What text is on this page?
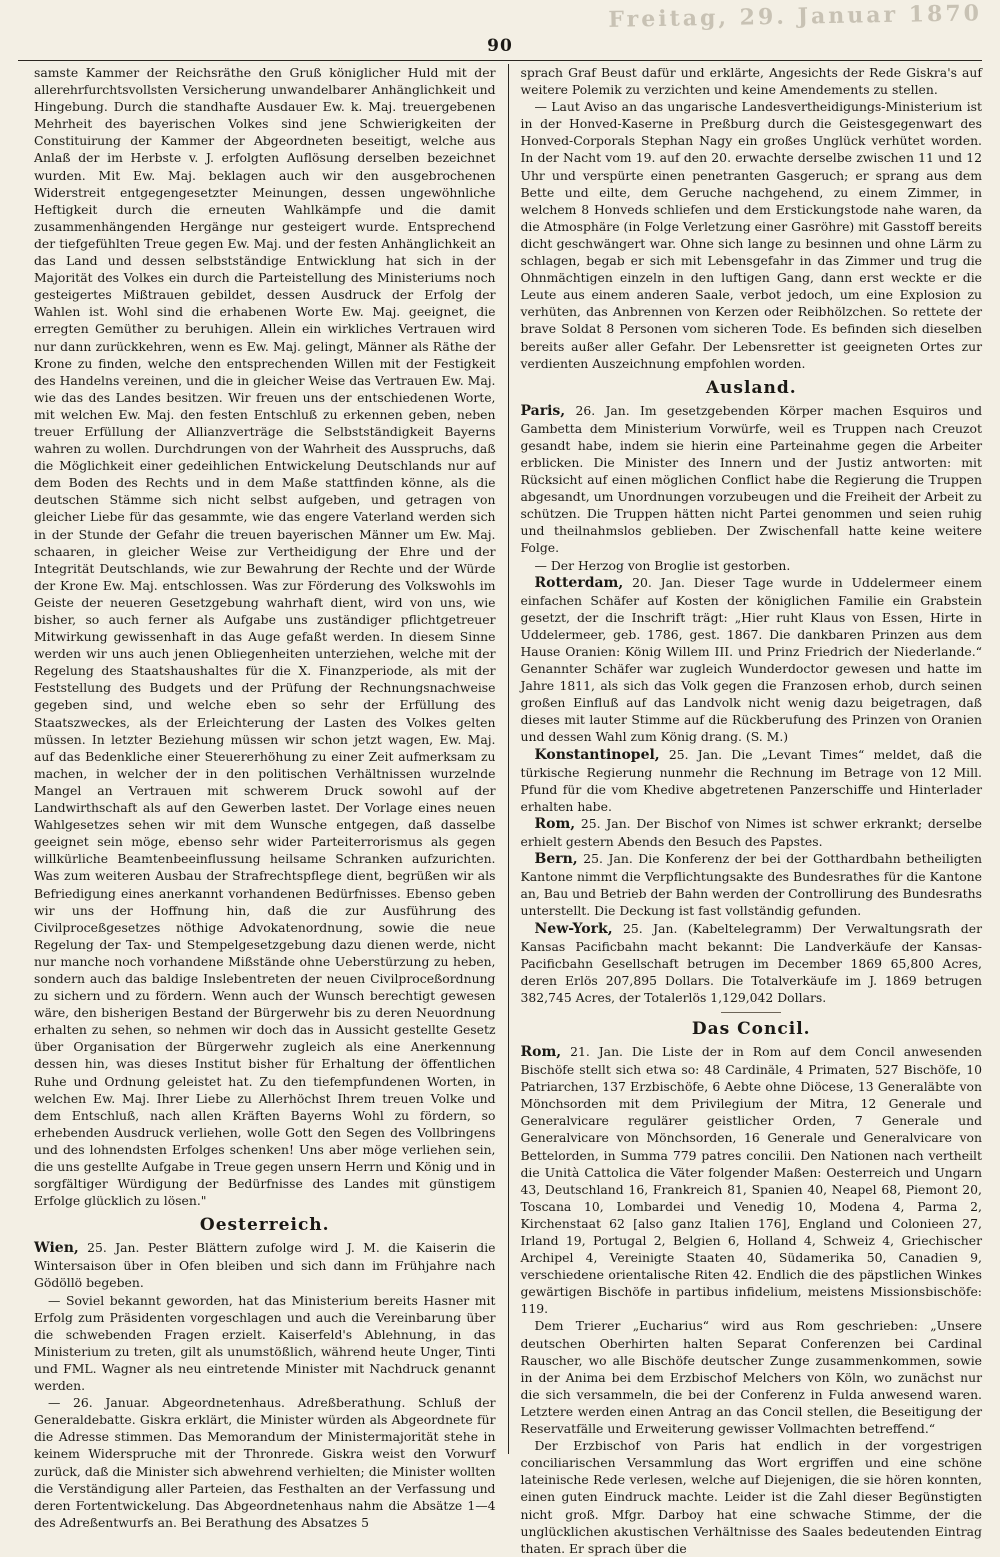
Freitag, 29. Januar 1870
90

samste Kammer der Reichsräthe den Gruß königlicher Huld mit der allerehrfurchtsvollsten Versicherung unwandelbarer Anhänglichkeit und Hingebung. Durch die standhafte Ausdauer Ew. k. Maj. treuergebenen Mehrheit des bayerischen Volkes sind jene Schwierigkeiten der Constituirung der Kammer der Abgeordneten beseitigt, welche aus Anlaß der im Herbste v. J. erfolgten Auflösung derselben bezeichnet wurden. Mit Ew. Maj. beklagen auch wir den ausgebrochenen Widerstreit entgegengesetzter Meinungen, dessen ungewöhnliche Heftigkeit durch die erneuten Wahlkämpfe und die damit zusammenhängenden Hergänge nur gesteigert wurde. Entsprechend der tiefgefühlten Treue gegen Ew. Maj. und der festen Anhänglichkeit an das Land und dessen selbstständige Entwicklung hat sich in der Majorität des Volkes ein durch die Parteistellung des Ministeriums noch gesteigertes Mißtrauen gebildet, dessen Ausdruck der Erfolg der Wahlen ist. Wohl sind die erhabenen Worte Ew. Maj. geeignet, die erregten Gemüther zu beruhigen. Allein ein wirkliches Vertrauen wird nur dann zurückkehren, wenn es Ew. Maj. gelingt, Männer als Räthe der Krone zu finden, welche den entsprechenden Willen mit der Festigkeit des Handelns vereinen, und die in gleicher Weise das Vertrauen Ew. Maj. wie das des Landes besitzen. Wir freuen uns der entschiedenen Worte, mit welchen Ew. Maj. den festen Entschluß zu erkennen geben, neben treuer Erfüllung der Allianzverträge die Selbstständigkeit Bayerns wahren zu wollen. Durchdrungen von der Wahrheit des Ausspruchs, daß die Möglichkeit einer gedeihlichen Entwickelung Deutschlands nur auf dem Boden des Rechts und in dem Maße stattfinden könne, als die deutschen Stämme sich nicht selbst aufgeben, und getragen von gleicher Liebe für das gesammte, wie das engere Vaterland werden sich in der Stunde der Gefahr die treuen bayerischen Männer um Ew. Maj. schaaren, in gleicher Weise zur Vertheidigung der Ehre und der Integrität Deutschlands, wie zur Bewahrung der Rechte und der Würde der Krone Ew. Maj. entschlossen. Was zur Förderung des Volkswohls im Geiste der neueren Gesetzgebung wahrhaft dient, wird von uns, wie bisher, so auch ferner als Aufgabe uns zuständiger pflichtgetreuer Mitwirkung gewissenhaft in das Auge gefaßt werden. In diesem Sinne werden wir uns auch jenen Obliegenheiten unterziehen, welche mit der Regelung des Staatshaushaltes für die X. Finanzperiode, als mit der Feststellung des Budgets und der Prüfung der Rechnungsnachweise gegeben sind, und welche eben so sehr der Erfüllung des Staatszweckes, als der Erleichterung der Lasten des Volkes gelten müssen. In letzter Beziehung müssen wir schon jetzt wagen, Ew. Maj. auf das Bedenkliche einer Steuererhöhung zu einer Zeit aufmerksam zu machen, in welcher der in den politischen Verhältnissen wurzelnde Mangel an Vertrauen mit schwerem Druck sowohl auf der Landwirthschaft als auf den Gewerben lastet. Der Vorlage eines neuen Wahlgesetzes sehen wir mit dem Wunsche entgegen, daß dasselbe geeignet sein möge, ebenso sehr wider Parteiterrorismus als gegen willkürliche Beamtenbeeinflussung heilsame Schranken aufzurichten. Was zum weiteren Ausbau der Strafrechtspflege dient, begrüßen wir als Befriedigung eines anerkannt vorhandenen Bedürfnisses. Ebenso geben wir uns der Hoffnung hin, daß die zur Ausführung des Civilproceßgesetzes nöthige Advokatenordnung, sowie die neue Regelung der Tax- und Stempelgesetzgebung dazu dienen werde, nicht nur manche noch vorhandene Mißstände ohne Ueberstürzung zu heben, sondern auch das baldige Inslebentreten der neuen Civilproceßordnung zu sichern und zu fördern. Wenn auch der Wunsch berechtigt gewesen wäre, den bisherigen Bestand der Bürgerwehr bis zu deren Neuordnung erhalten zu sehen, so nehmen wir doch das in Aussicht gestellte Gesetz über Organisation der Bürgerwehr zugleich als eine Anerkennung dessen hin, was dieses Institut bisher für Erhaltung der öffentlichen Ruhe und Ordnung geleistet hat. Zu den tiefempfundenen Worten, in welchen Ew. Maj. Ihrer Liebe zu Allerhöchst Ihrem treuen Volke und dem Entschluß, nach allen Kräften Bayerns Wohl zu fördern, so erhebenden Ausdruck verliehen, wolle Gott den Segen des Vollbringens und des lohnendsten Erfolges schenken! Uns aber möge verliehen sein, die uns gestellte Aufgabe in Treue gegen unsern Herrn und König und in sorgfältiger Würdigung der Bedürfnisse des Landes mit günstigem Erfolge glücklich zu lösen."

Oesterreich.

Wien, 25. Jan. Pester Blättern zufolge wird J. M. die Kaiserin die Wintersaison über in Ofen bleiben und sich dann im Frühjahre nach Gödöllö begeben.

— Soviel bekannt geworden, hat das Ministerium bereits Hasner mit Erfolg zum Präsidenten vorgeschlagen und auch die Vereinbarung über die schwebenden Fragen erzielt. Kaiserfeld's Ablehnung, in das Ministerium zu treten, gilt als unumstößlich, während heute Unger, Tinti und FML. Wagner als neu eintretende Minister mit Nachdruck genannt werden.

— 26. Januar. Abgeordnetenhaus. Adreßberathung. Schluß der Generaldebatte. Giskra erklärt, die Minister würden als Abgeordnete für die Adresse stimmen. Das Memorandum der Ministermajorität stehe in keinem Widerspruche mit der Thronrede. Giskra weist den Vorwurf zurück, daß die Minister sich abwehrend verhielten; die Minister wollten die Verständigung aller Parteien, das Festhalten an der Verfassung und deren Fortentwickelung. Das Abgeordnetenhaus nahm die Absätze 1—4 des Adreßentwurfs an. Bei Berathung des Absatzes 5

sprach Graf Beust dafür und erklärte, Angesichts der Rede Giskra's auf weitere Polemik zu verzichten und keine Amendements zu stellen.

— Laut Aviso an das ungarische Landesvertheidigungs-Ministerium ist in der Honved-Kaserne in Preßburg durch die Geistesgegenwart des Honved-Corporals Stephan Nagy ein großes Unglück verhütet worden. In der Nacht vom 19. auf den 20. erwachte derselbe zwischen 11 und 12 Uhr und verspürte einen penetranten Gasgeruch; er sprang aus dem Bette und eilte, dem Geruche nachgehend, zu einem Zimmer, in welchem 8 Honveds schliefen und dem Erstickungstode nahe waren, da die Atmosphäre (in Folge Verletzung einer Gasröhre) mit Gasstoff bereits dicht geschwängert war. Ohne sich lange zu besinnen und ohne Lärm zu schlagen, begab er sich mit Lebensgefahr in das Zimmer und trug die Ohnmächtigen einzeln in den luftigen Gang, dann erst weckte er die Leute aus einem anderen Saale, verbot jedoch, um eine Explosion zu verhüten, das Anbrennen von Kerzen oder Reibhölzchen. So rettete der brave Soldat 8 Personen vom sicheren Tode. Es befinden sich dieselben bereits außer aller Gefahr. Der Lebensretter ist geeigneten Ortes zur verdienten Auszeichnung empfohlen worden.

Ausland.

Paris, 26. Jan. Im gesetzgebenden Körper machen Esquiros und Gambetta dem Ministerium Vorwürfe, weil es Truppen nach Creuzot gesandt habe, indem sie hierin eine Parteinahme gegen die Arbeiter erblicken. Die Minister des Innern und der Justiz antworten: mit Rücksicht auf einen möglichen Conflict habe die Regierung die Truppen abgesandt, um Unordnungen vorzubeugen und die Freiheit der Arbeit zu schützen. Die Truppen hätten nicht Partei genommen und seien ruhig und theilnahmslos geblieben. Der Zwischenfall hatte keine weitere Folge.

— Der Herzog von Broglie ist gestorben.

Rotterdam, 20. Jan. Dieser Tage wurde in Uddelermeer einem einfachen Schäfer auf Kosten der königlichen Familie ein Grabstein gesetzt, der die Inschrift trägt: „Hier ruht Klaus von Essen, Hirte in Uddelermeer, geb. 1786, gest. 1867. Die dankbaren Prinzen aus dem Hause Oranien: König Willem III. und Prinz Friedrich der Niederlande.“ Genannter Schäfer war zugleich Wunderdoctor gewesen und hatte im Jahre 1811, als sich das Volk gegen die Franzosen erhob, durch seinen großen Einfluß auf das Landvolk nicht wenig dazu beigetragen, daß dieses mit lauter Stimme auf die Rückberufung des Prinzen von Oranien und dessen Wahl zum König drang. (S. M.)

Konstantinopel, 25. Jan. Die „Levant Times“ meldet, daß die türkische Regierung nunmehr die Rechnung im Betrage von 12 Mill. Pfund für die vom Khedive abgetretenen Panzerschiffe und Hinterlader erhalten habe.

Rom, 25. Jan. Der Bischof von Nimes ist schwer erkrankt; derselbe erhielt gestern Abends den Besuch des Papstes.

Bern, 25. Jan. Die Konferenz der bei der Gotthardbahn betheiligten Kantone nimmt die Verpflichtungsakte des Bundesrathes für die Kantone an, Bau und Betrieb der Bahn werden der Controllirung des Bundesraths unterstellt. Die Deckung ist fast vollständig gefunden.

New-York, 25. Jan. (Kabeltelegramm) Der Verwaltungsrath der Kansas Pacificbahn macht bekannt: Die Landverkäufe der Kansas-Pacificbahn Gesellschaft betrugen im December 1869 65,800 Acres, deren Erlös 207,895 Dollars. Die Totalverkäufe im J. 1869 betrugen 382,745 Acres, der Totalerlös 1,129,042 Dollars.

Das Concil.

Rom, 21. Jan. Die Liste der in Rom auf dem Concil anwesenden Bischöfe stellt sich etwa so: 48 Cardinäle, 4 Primaten, 527 Bischöfe, 10 Patriarchen, 137 Erzbischöfe, 6 Aebte ohne Diöcese, 13 Generaläbte von Mönchsorden mit dem Privilegium der Mitra, 12 Generale und Generalvicare regulärer geistlicher Orden, 7 Generale und Generalvicare von Mönchsorden, 16 Generale und Generalvicare von Bettelorden, in Summa 779 patres concilii. Den Nationen nach vertheilt die Unità Cattolica die Väter folgender Maßen: Oesterreich und Ungarn 43, Deutschland 16, Frankreich 81, Spanien 40, Neapel 68, Piemont 20, Toscana 10, Lombardei und Venedig 10, Modena 4, Parma 2, Kirchenstaat 62 [also ganz Italien 176], England und Colonieen 27, Irland 19, Portugal 2, Belgien 6, Holland 4, Schweiz 4, Griechischer Archipel 4, Vereinigte Staaten 40, Südamerika 50, Canadien 9, verschiedene orientalische Riten 42. Endlich die des päpstlichen Winkes gewärtigen Bischöfe in partibus infidelium, meistens Missionsbischöfe: 119.

Dem Trierer „Eucharius“ wird aus Rom geschrieben: „Unsere deutschen Oberhirten halten Separat Conferenzen bei Cardinal Rauscher, wo alle Bischöfe deutscher Zunge zusammenkommen, sowie in der Anima bei dem Erzbischof Melchers von Köln, wo zunächst nur die sich versammeln, die bei der Conferenz in Fulda anwesend waren. Letztere werden einen Antrag an das Concil stellen, die Beseitigung der Reservatfälle und Erweiterung gewisser Vollmachten betreffend.“

Der Erzbischof von Paris hat endlich in der vorgestrigen conciliarischen Versammlung das Wort ergriffen und eine schöne lateinische Rede verlesen, welche auf Diejenigen, die sie hören konnten, einen guten Eindruck machte. Leider ist die Zahl dieser Begünstigten nicht groß. Mfgr. Darboy hat eine schwache Stimme, der die unglücklichen akustischen Verhältnisse des Saales bedeutenden Eintrag thaten. Er sprach über die
